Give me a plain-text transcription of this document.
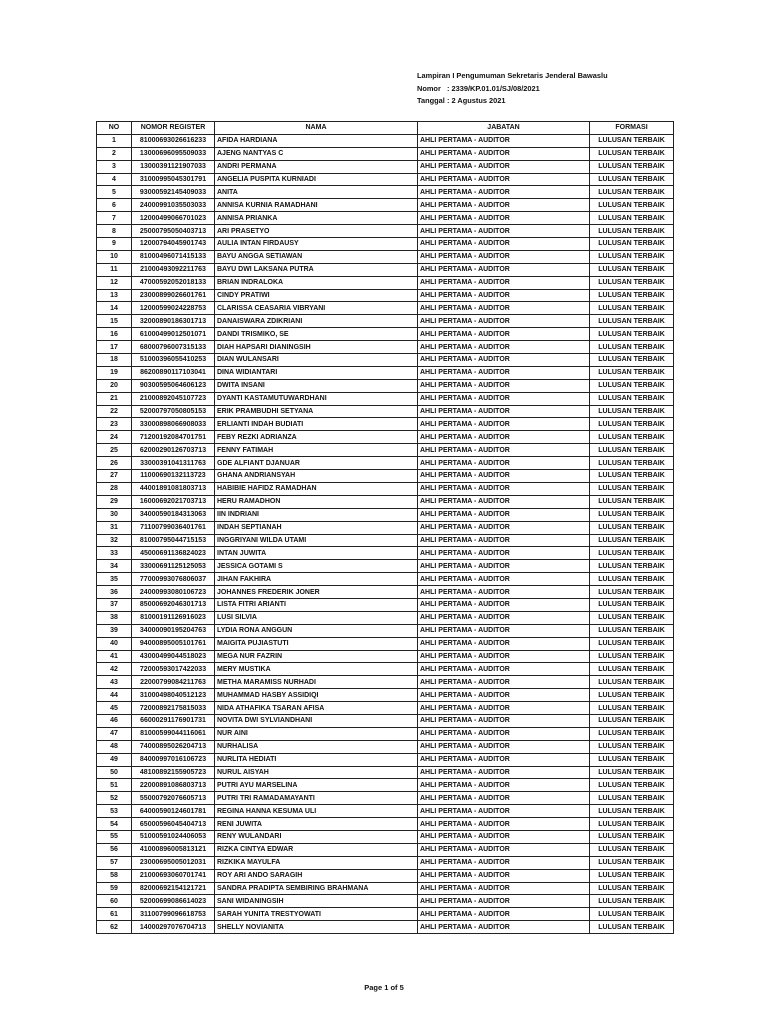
Lampiran I Pengumuman Sekretaris Jenderal Bawaslu
Nomor : 2339/KP.01.01/SJ/08/2021
Tanggal : 2 Agustus 2021
NO	NOMOR REGISTER	NAMA	JABATAN	FORMASI
1	81000693026616233	AFIDA HARDIANA	AHLI PERTAMA - AUDITOR	LULUSAN TERBAIK
2	13000696095509033	AJENG NANTYAS C	AHLI PERTAMA - AUDITOR	LULUSAN TERBAIK
3	13000391121907033	ANDRI PERMANA	AHLI PERTAMA - AUDITOR	LULUSAN TERBAIK
4	31000995045301791	ANGELIA PUSPITA KURNIADI	AHLI PERTAMA - AUDITOR	LULUSAN TERBAIK
5	93000592145409033	ANITA	AHLI PERTAMA - AUDITOR	LULUSAN TERBAIK
6	24000991035503033	ANNISA KURNIA RAMADHANI	AHLI PERTAMA - AUDITOR	LULUSAN TERBAIK
7	12000499066701023	ANNISA PRIANKA	AHLI PERTAMA - AUDITOR	LULUSAN TERBAIK
8	25000795050403713	ARI PRASETYO	AHLI PERTAMA - AUDITOR	LULUSAN TERBAIK
9	12000794045901743	AULIA INTAN FIRDAUSY	AHLI PERTAMA - AUDITOR	LULUSAN TERBAIK
10	81000496071415133	BAYU ANGGA SETIAWAN	AHLI PERTAMA - AUDITOR	LULUSAN TERBAIK
11	21000493092211763	BAYU DWI LAKSANA PUTRA	AHLI PERTAMA - AUDITOR	LULUSAN TERBAIK
12	47000592052018133	BRIAN INDRALOKA	AHLI PERTAMA - AUDITOR	LULUSAN TERBAIK
13	23000899026601761	CINDY PRATIWI	AHLI PERTAMA - AUDITOR	LULUSAN TERBAIK
14	12000599024228753	CLARISSA CEASARIA VIBRYANI	AHLI PERTAMA - AUDITOR	LULUSAN TERBAIK
15	32000890186301713	DANAISWARA ZDIKRIANI	AHLI PERTAMA - AUDITOR	LULUSAN TERBAIK
16	61000499012501071	DANDI TRISMIKO, SE	AHLI PERTAMA - AUDITOR	LULUSAN TERBAIK
17	68000796007315133	DIAH HAPSARI DIANINGSIH	AHLI PERTAMA - AUDITOR	LULUSAN TERBAIK
18	51000396055410253	DIAN WULANSARI	AHLI PERTAMA - AUDITOR	LULUSAN TERBAIK
19	86200890117103041	DINA WIDIANTARI	AHLI PERTAMA - AUDITOR	LULUSAN TERBAIK
20	90300595064606123	DWITA INSANI	AHLI PERTAMA - AUDITOR	LULUSAN TERBAIK
21	21000892045107723	DYANTI KASTAMUTUWARDHANI	AHLI PERTAMA - AUDITOR	LULUSAN TERBAIK
22	52000797050805153	ERIK PRAMBUDHI SETYANA	AHLI PERTAMA - AUDITOR	LULUSAN TERBAIK
23	33000898066908033	ERLIANTI INDAH BUDIATI	AHLI PERTAMA - AUDITOR	LULUSAN TERBAIK
24	71200192084701751	FEBY REZKI ADRIANZA	AHLI PERTAMA - AUDITOR	LULUSAN TERBAIK
25	62000290126703713	FENNY FATIMAH	AHLI PERTAMA - AUDITOR	LULUSAN TERBAIK
26	33000391041311763	GDE ALFIANT DJANUAR	AHLI PERTAMA - AUDITOR	LULUSAN TERBAIK
27	11000690132113723	GHANA ANDRIANSYAH	AHLI PERTAMA - AUDITOR	LULUSAN TERBAIK
28	44001891081803713	HABIBIE HAFIDZ RAMADHAN	AHLI PERTAMA - AUDITOR	LULUSAN TERBAIK
29	16000692021703713	HERU RAMADHON	AHLI PERTAMA - AUDITOR	LULUSAN TERBAIK
30	34000590184313063	IIN INDRIANI	AHLI PERTAMA - AUDITOR	LULUSAN TERBAIK
31	71100799036401761	INDAH SEPTIANAH	AHLI PERTAMA - AUDITOR	LULUSAN TERBAIK
32	81000795044715153	INGGRIYANI WILDA UTAMI	AHLI PERTAMA - AUDITOR	LULUSAN TERBAIK
33	45000691136824023	INTAN JUWITA	AHLI PERTAMA - AUDITOR	LULUSAN TERBAIK
34	33000691125125053	JESSICA GOTAMI S	AHLI PERTAMA - AUDITOR	LULUSAN TERBAIK
35	77000993076806037	JIHAN FAKHIRA	AHLI PERTAMA - AUDITOR	LULUSAN TERBAIK
36	24000993080106723	JOHANNES FREDERIK JONER	AHLI PERTAMA - AUDITOR	LULUSAN TERBAIK
37	85000692046301713	LISTA FITRI ARIANTI	AHLI PERTAMA - AUDITOR	LULUSAN TERBAIK
38	81000191126916023	LUSI SILVIA	AHLI PERTAMA - AUDITOR	LULUSAN TERBAIK
39	34000090195204763	LYDIA RONA ANGGUN	AHLI PERTAMA - AUDITOR	LULUSAN TERBAIK
40	94000895005101761	MAIGITA PUJIASTUTI	AHLI PERTAMA - AUDITOR	LULUSAN TERBAIK
41	43000499044518023	MEGA NUR FAZRIN	AHLI PERTAMA - AUDITOR	LULUSAN TERBAIK
42	72000593017422033	MERY MUSTIKA	AHLI PERTAMA - AUDITOR	LULUSAN TERBAIK
43	22000799084211763	METHA MARAMISS NURHADI	AHLI PERTAMA - AUDITOR	LULUSAN TERBAIK
44	31000498040512123	MUHAMMAD HASBY ASSIDIQI	AHLI PERTAMA - AUDITOR	LULUSAN TERBAIK
45	72000892175815033	NIDA ATHAFIKA TSARAN AFISA	AHLI PERTAMA - AUDITOR	LULUSAN TERBAIK
46	66000291176901731	NOVITA DWI SYLVIANDHANI	AHLI PERTAMA - AUDITOR	LULUSAN TERBAIK
47	81000599044116061	NUR AINI	AHLI PERTAMA - AUDITOR	LULUSAN TERBAIK
48	74000895026204713	NURHALISA	AHLI PERTAMA - AUDITOR	LULUSAN TERBAIK
49	84000997016106723	NURLITA HEDIATI	AHLI PERTAMA - AUDITOR	LULUSAN TERBAIK
50	48100892155905723	NURUL AISYAH	AHLI PERTAMA - AUDITOR	LULUSAN TERBAIK
51	22000891086803713	PUTRI AYU MARSELINA	AHLI PERTAMA - AUDITOR	LULUSAN TERBAIK
52	55000792076605713	PUTRI TRI RAMADAMAYANTI	AHLI PERTAMA - AUDITOR	LULUSAN TERBAIK
53	64000590124601781	REGINA HANNA KESUMA ULI	AHLI PERTAMA - AUDITOR	LULUSAN TERBAIK
54	65000596045404713	RENI JUWITA	AHLI PERTAMA - AUDITOR	LULUSAN TERBAIK
55	51000591024406053	RENY WULANDARI	AHLI PERTAMA - AUDITOR	LULUSAN TERBAIK
56	41000896005813121	RIZKA CINTYA EDWAR	AHLI PERTAMA - AUDITOR	LULUSAN TERBAIK
57	23000695005012031	RIZKIKA MAYULFA	AHLI PERTAMA - AUDITOR	LULUSAN TERBAIK
58	21000693060701741	ROY ARI ANDO SARAGIH	AHLI PERTAMA - AUDITOR	LULUSAN TERBAIK
59	82000692154121721	SANDRA PRADIPTA SEMBIRING BRAHMANA	AHLI PERTAMA - AUDITOR	LULUSAN TERBAIK
60	52000699086614023	SANI WIDANINGSIH	AHLI PERTAMA - AUDITOR	LULUSAN TERBAIK
61	31100799096618753	SARAH YUNITA TRESTYOWATI	AHLI PERTAMA - AUDITOR	LULUSAN TERBAIK
62	14000297076704713	SHELLY NOVIANITA	AHLI PERTAMA - AUDITOR	LULUSAN TERBAIK
Page 1 of 5
